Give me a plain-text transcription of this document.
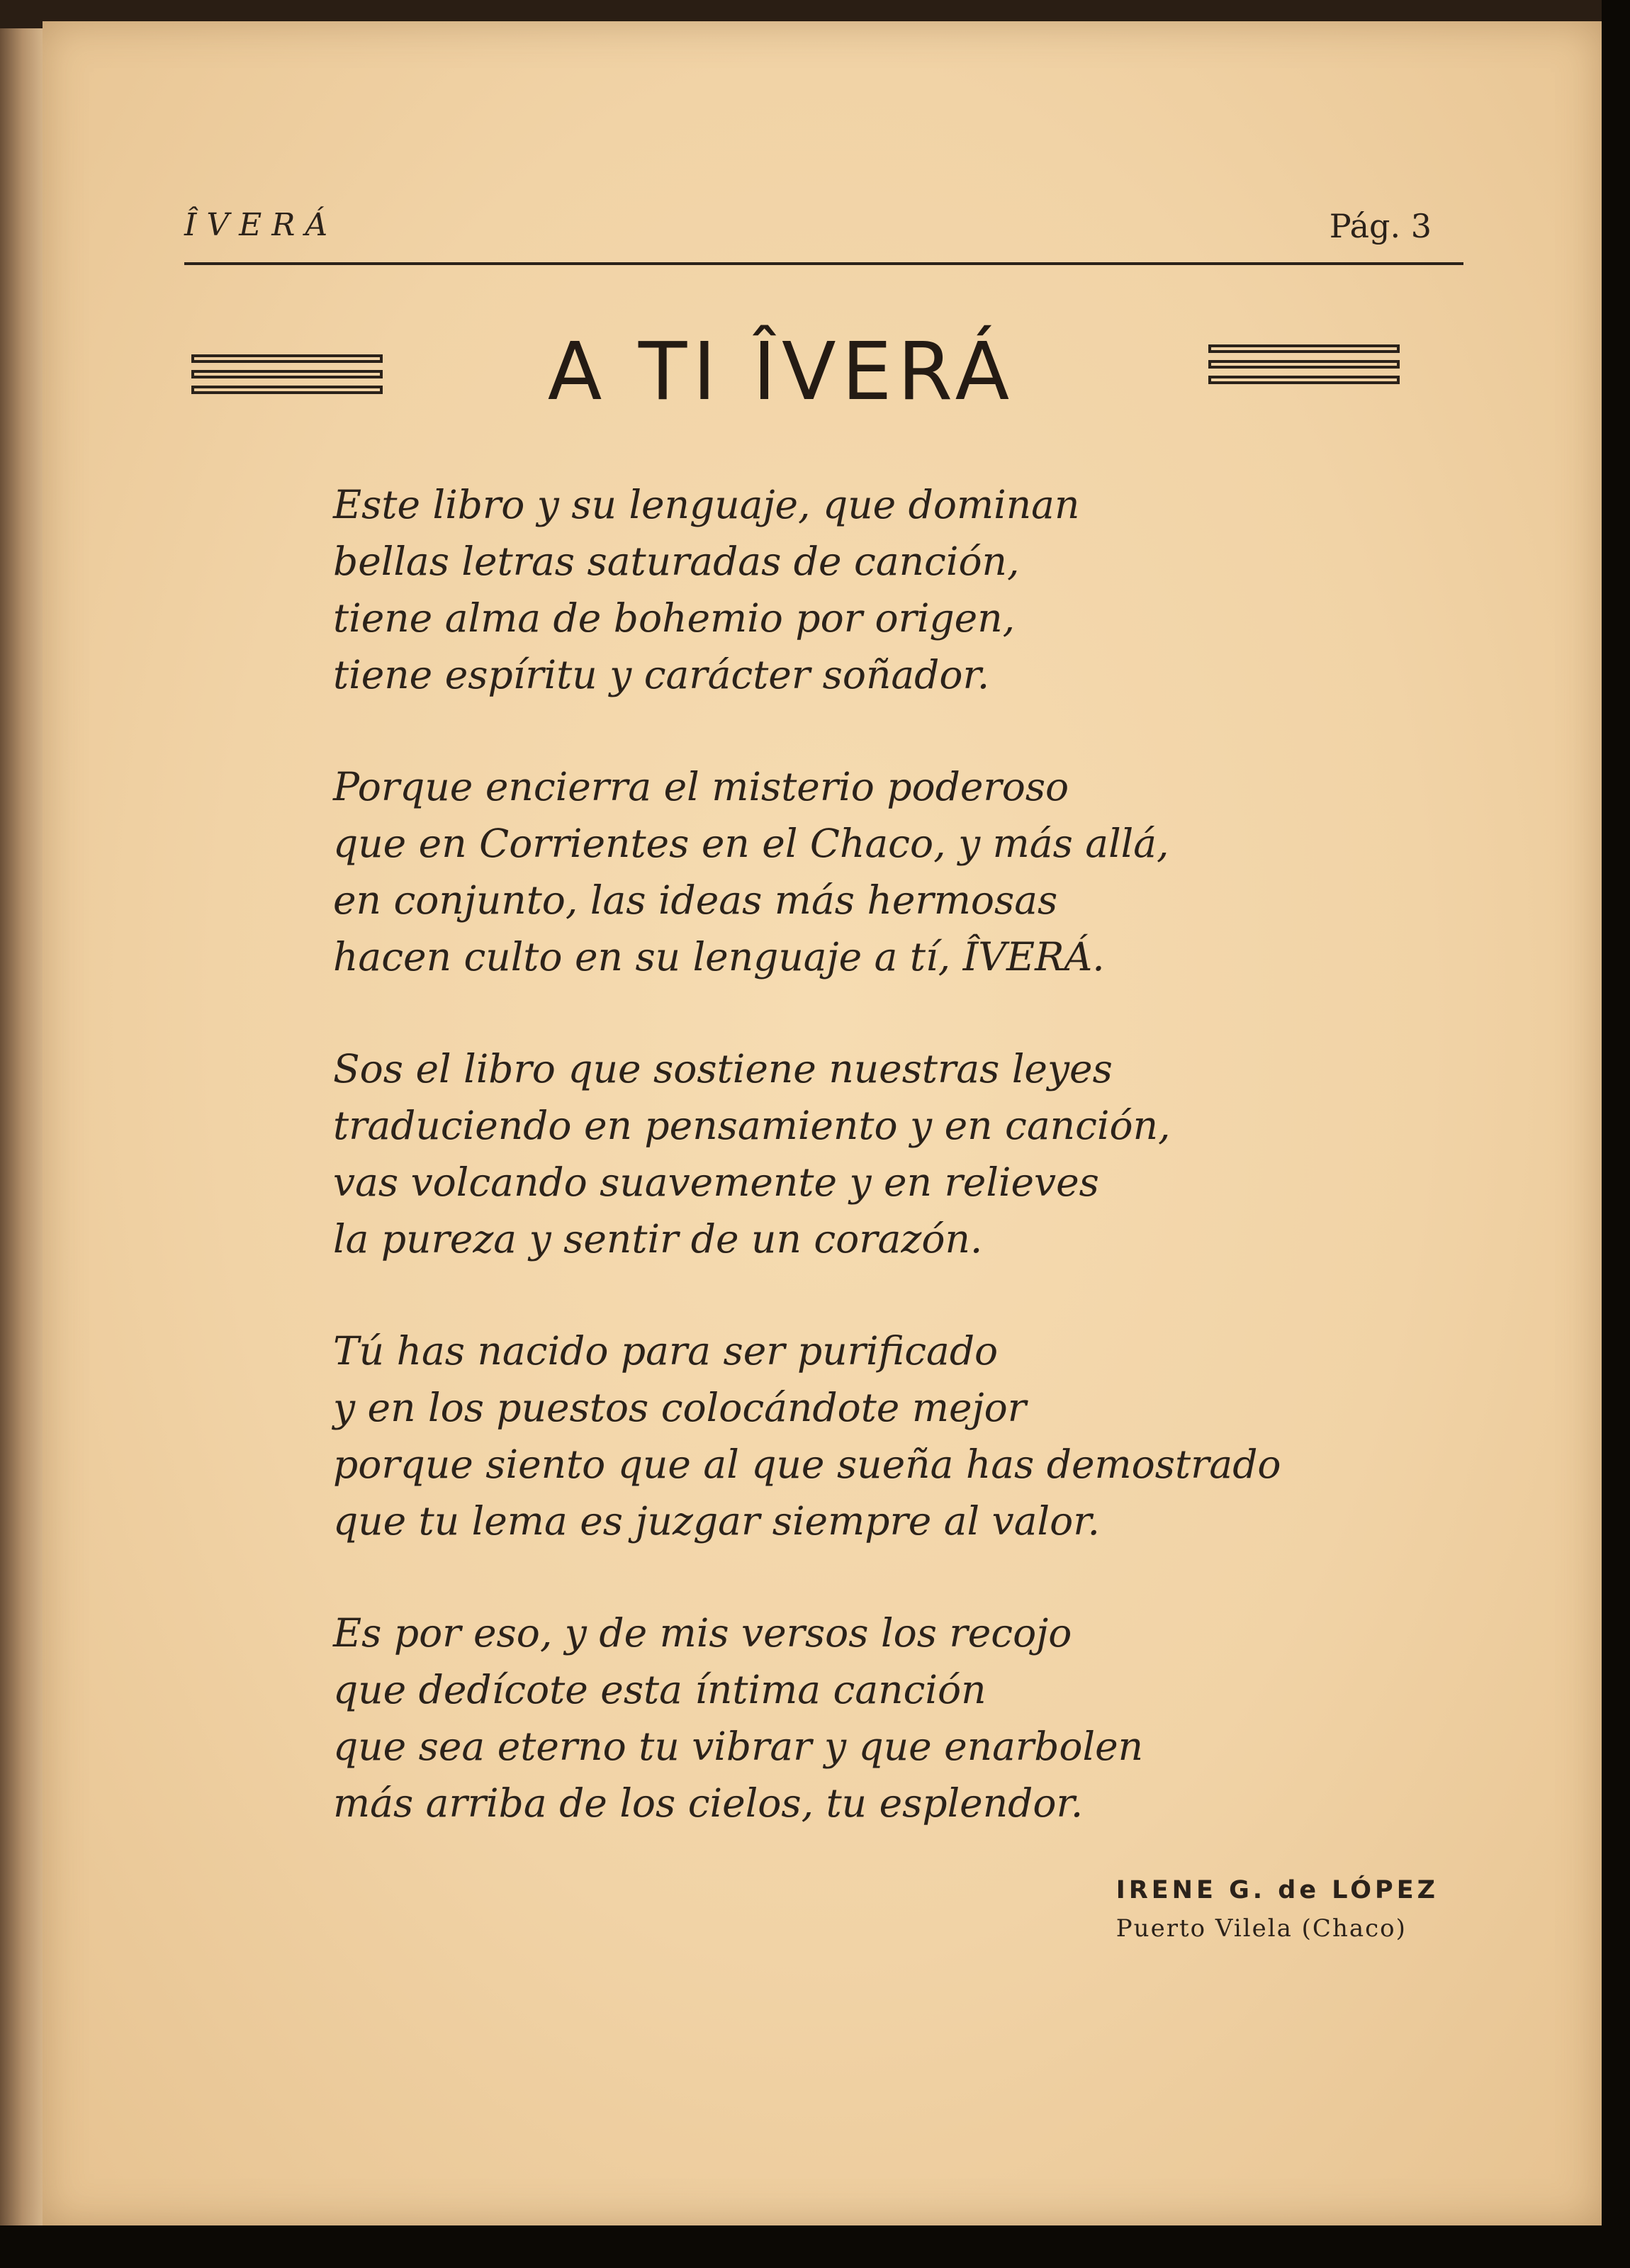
ÎVERÁ	Pág. 3
A TI ÎVERÁ
Este libro y su lenguaje, que dominan
bellas letras saturadas de canción,
tiene alma de bohemio por origen,
tiene espíritu y carácter soñador.
Porque encierra el misterio poderoso
que en Corrientes en el Chaco, y más allá,
en conjunto, las ideas más hermosas
hacen culto en su lenguaje a tí, ÎVERÁ.
Sos el libro que sostiene nuestras leyes
traduciendo en pensamiento y en canción,
vas volcando suavemente y en relieves
la pureza y sentir de un corazón.
Tú has nacido para ser purificado
y en los puestos colocándote mejor
porque siento que al que sueña has demostrado
que tu lema es juzgar siempre al valor.
Es por eso, y de mis versos los recojo
que dedícote esta íntima canción
que sea eterno tu vibrar y que enarbolen
más arriba de los cielos, tu esplendor.
IRENE G. de LÓPEZ
Puerto Vilela (Chaco)
